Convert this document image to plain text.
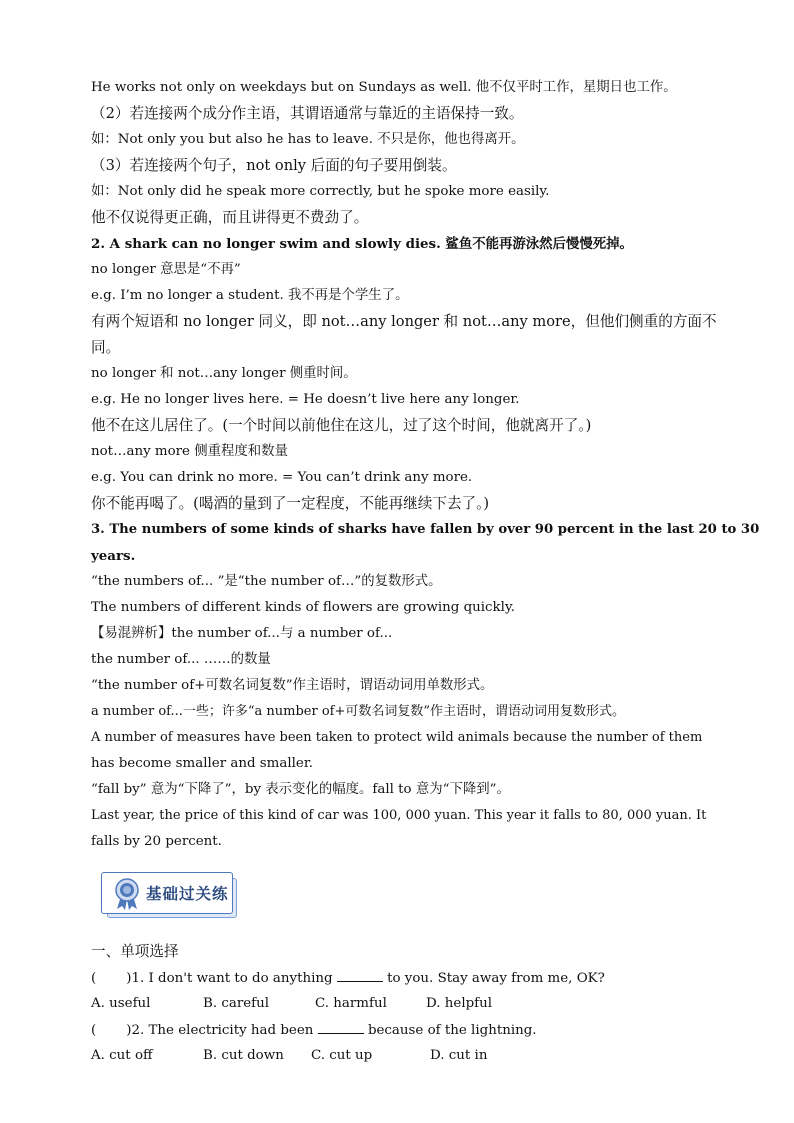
He works not only on weekdays but on Sundays as well. 他不仅平时工作，星期日也工作。
（2）若连接两个成分作主语，其谓语通常与靠近的主语保持一致。
如：Not only you but also he has to leave. 不只是你，他也得离开。
（3）若连接两个句子，not only 后面的句子要用倒装。
如：Not only did he speak more correctly, but he spoke more easily.
他不仅说得更正确，而且讲得更不费劲了。
2. A shark can no longer swim and slowly dies. 鲨鱼不能再游泳然后慢慢死掉。
no longer 意思是“不再”
e.g. I’m no longer a student. 我不再是个学生了。
有两个短语和 no longer 同义，即 not…any longer 和 not…any more，但他们侧重的方面不
同。
no longer 和 not…any longer 侧重时间。
e.g. He no longer lives here. = He doesn’t live here any longer.
他不在这儿居住了。(一个时间以前他住在这儿，过了这个时间，他就离开了。)
not…any more 侧重程度和数量
e.g. You can drink no more. = You can’t drink any more.
你不能再喝了。(喝酒的量到了一定程度，不能再继续下去了。)
3. The numbers of some kinds of sharks have fallen by over 90 percent in the last 20 to 30
years.
“the numbers of... ”是“the number of…”的复数形式。
The numbers of different kinds of flowers are growing quickly.
【易混辨析】the number of...与 a number of...
the number of... ……的数量
“the number of+可数名词复数”作主语时，谓语动词用单数形式。
a number of...一些；许多“a number of+可数名词复数”作主语时，谓语动词用复数形式。
A number of measures have been taken to protect wild animals because the number of them
has become smaller and smaller.
“fall by” 意为“下降了”，by 表示变化的幅度。fall to 意为“下降到”。
Last year, the price of this kind of car was 100, 000 yuan. This year it falls to 80, 000 yuan. It
falls by 20 percent.
基础过关练
一、单项选择
( )1. I don't want to do anything	to you. Stay away from me, OK?
A. useful	B. careful	C. harmful	D. helpful
( )2. The electricity had been	because of the lightning.
A. cut off	B. cut down C. cut up	D. cut in
